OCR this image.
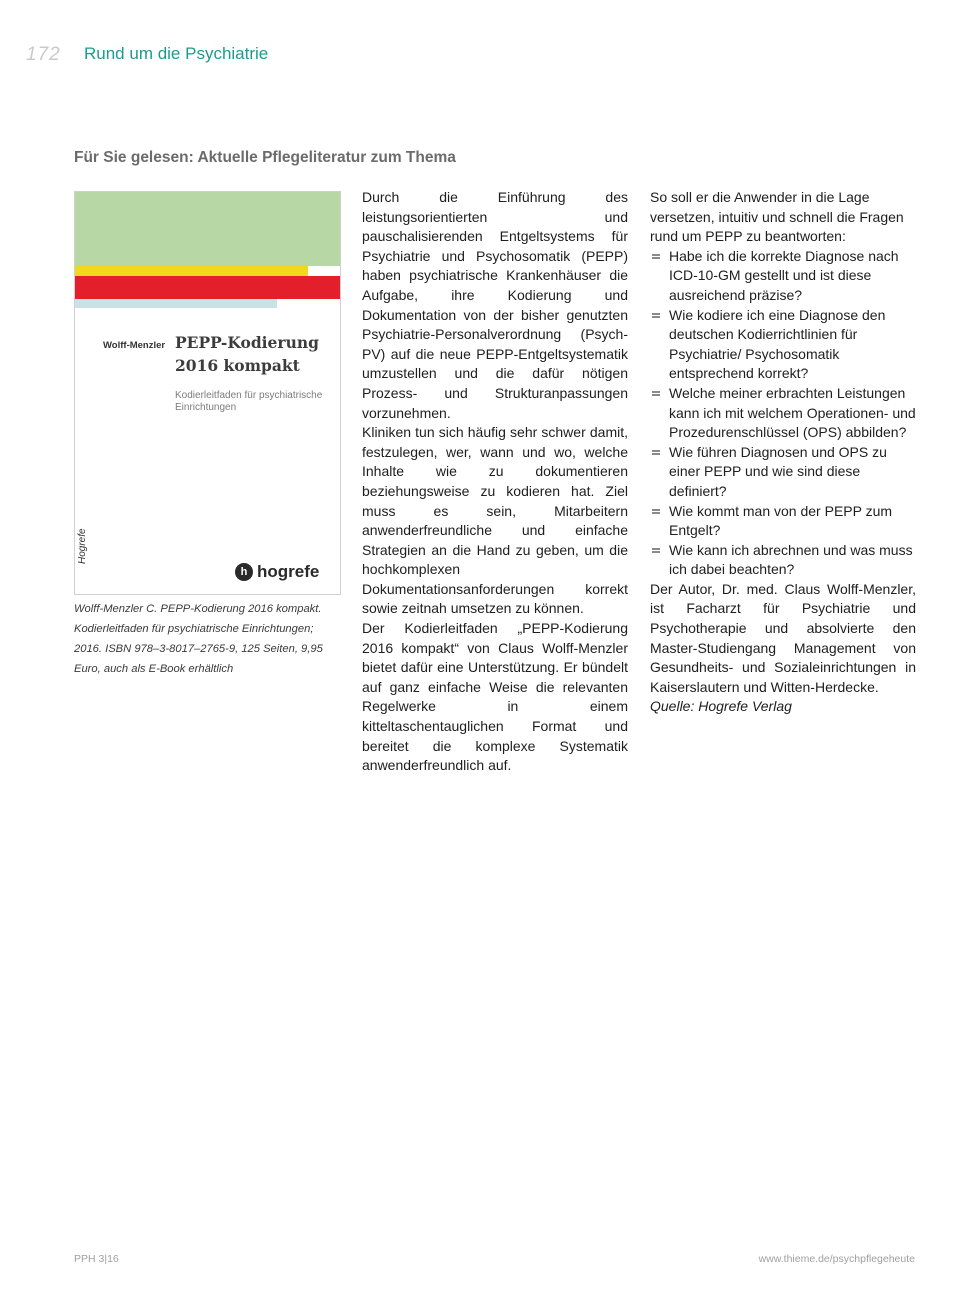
172 Rund um die Psychiatrie
Für Sie gelesen: Aktuelle Pflegeliteratur zum Thema
Wolff-Menzler PEPP-Kodierung 2016 kompakt
Kodierleitfaden für psychiatrische Einrichtungen
Hogrefe
h hogrefe
Wolff-Menzler C. PEPP-Kodierung 2016 kompakt. Kodierleitfaden für psychiatrische Einrichtungen; 2016. ISBN 978–3-8017–2765-9, 125 Seiten, 9,95 Euro, auch als E-Book erhältlich

Durch die Einführung des leistungsorientierten und pauschalisierenden Entgeltsystems für Psychiatrie und Psychosomatik (PEPP) haben psychiatrische Krankenhäuser die Aufgabe, ihre Kodierung und Dokumentation von der bisher genutzten Psychiatrie-Personalverordnung (Psych-PV) auf die neue PEPP-Entgeltsystematik umzustellen und die dafür nötigen Prozess- und Strukturanpassungen vorzunehmen.

Kliniken tun sich häufig sehr schwer damit, festzulegen, wer, wann und wo, welche Inhalte wie zu dokumentieren beziehungsweise zu kodieren hat. Ziel muss es sein, Mitarbeitern anwenderfreundliche und einfache Strategien an die Hand zu geben, um die hochkomplexen Dokumentationsanforderungen korrekt sowie zeitnah umsetzen zu können.

Der Kodierleitfaden „PEPP-Kodierung 2016 kompakt“ von Claus Wolff-Menzler bietet dafür eine Unterstützung. Er bündelt auf ganz einfache Weise die relevanten Regelwerke in einem kitteltaschentauglichen Format und bereitet die komplexe Systematik anwenderfreundlich auf.

So soll er die Anwender in die Lage versetzen, intuitiv und schnell die Fragen rund um PEPP zu beantworten:

Habe ich die korrekte Diagnose nach ICD-10-GM gestellt und ist diese ausreichend präzise?
Wie kodiere ich eine Diagnose den deutschen Kodierrichtlinien für Psychiatrie/ Psychosomatik entsprechend korrekt?
Welche meiner erbrachten Leistungen kann ich mit welchem Operationen- und Prozedurenschlüssel (OPS) abbilden?
Wie führen Diagnosen und OPS zu einer PEPP und wie sind diese definiert?
Wie kommt man von der PEPP zum Entgelt?
Wie kann ich abrechnen und was muss ich dabei beachten?

Der Autor, Dr. med. Claus Wolff-Menzler, ist Facharzt für Psychiatrie und Psychotherapie und absolvierte den Master-Studiengang Management von Gesundheits- und Sozialeinrichtungen in Kaiserslautern und Witten-Herdecke.

Quelle: Hogrefe Verlag

PPH 3|16	www.thieme.de/psychpflegeheute
